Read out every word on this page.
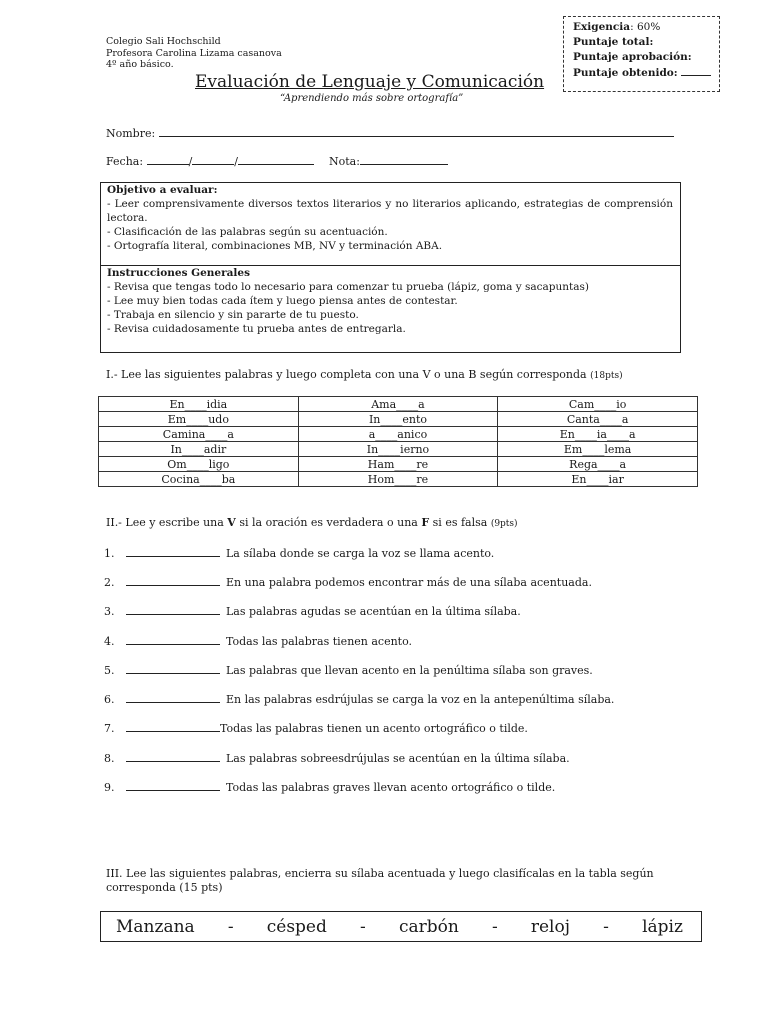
Colegio Sali Hochschild
Profesora Carolina Lizama casanova
4º año básico.
Exigencia: 60%
Puntaje total:
Puntaje aprobación:
Puntaje obtenido:
Evaluación de Lenguaje y Comunicación
“Aprendiendo más sobre ortografía”
Nombre:
Fecha:	/	/	Nota:
Objetivo a evaluar:
- Leer comprensivamente diversos textos literarios y no literarios aplicando, estrategias de comprensión lectora.
- Clasificación de las palabras según su acentuación.
- Ortografía literal, combinaciones MB, NV y terminación ABA.
Instrucciones Generales
- Revisa que tengas todo lo necesario para comenzar tu prueba (lápiz, goma y sacapuntas)
- Lee muy bien todas cada ítem y luego piensa antes de contestar.
- Trabaja en silencio y sin pararte de tu puesto.
- Revisa cuidadosamente tu prueba antes de entregarla.
I.- Lee las siguientes palabras y luego completa con una V o una B según corresponda (18pts)
En____idia	Ama____a	Cam____io
Em____udo	In____ento	Canta____a
Camina____a	a____anico	En____ia____a
In____adir	In____ierno	Em____lema
Om____ligo	Ham____re	Rega____a
Cocina____ba	Hom____re	En____iar
II.- Lee y escribe una V si la oración es verdadera o una F si es falsa (9pts)
1.	La sílaba donde se carga la voz se llama acento.
2.	En una palabra podemos encontrar más de una sílaba acentuada.
3.	Las palabras agudas se acentúan en la última sílaba.
4.	Todas las palabras tienen acento.
5.	Las palabras que llevan acento en la penúltima sílaba son graves.
6.	En las palabras esdrújulas se carga la voz en la antepenúltima sílaba.
7.	Todas las palabras tienen un acento ortográfico o tilde.
8.	Las palabras sobreesdrújulas se acentúan en la última sílaba.
9.	Todas las palabras graves llevan acento ortográfico o tilde.
III. Lee las siguientes palabras, encierra su sílaba acentuada y luego clasifícalas en la tabla según corresponda (15 pts)
Manzana - césped - carbón - reloj - lápiz
